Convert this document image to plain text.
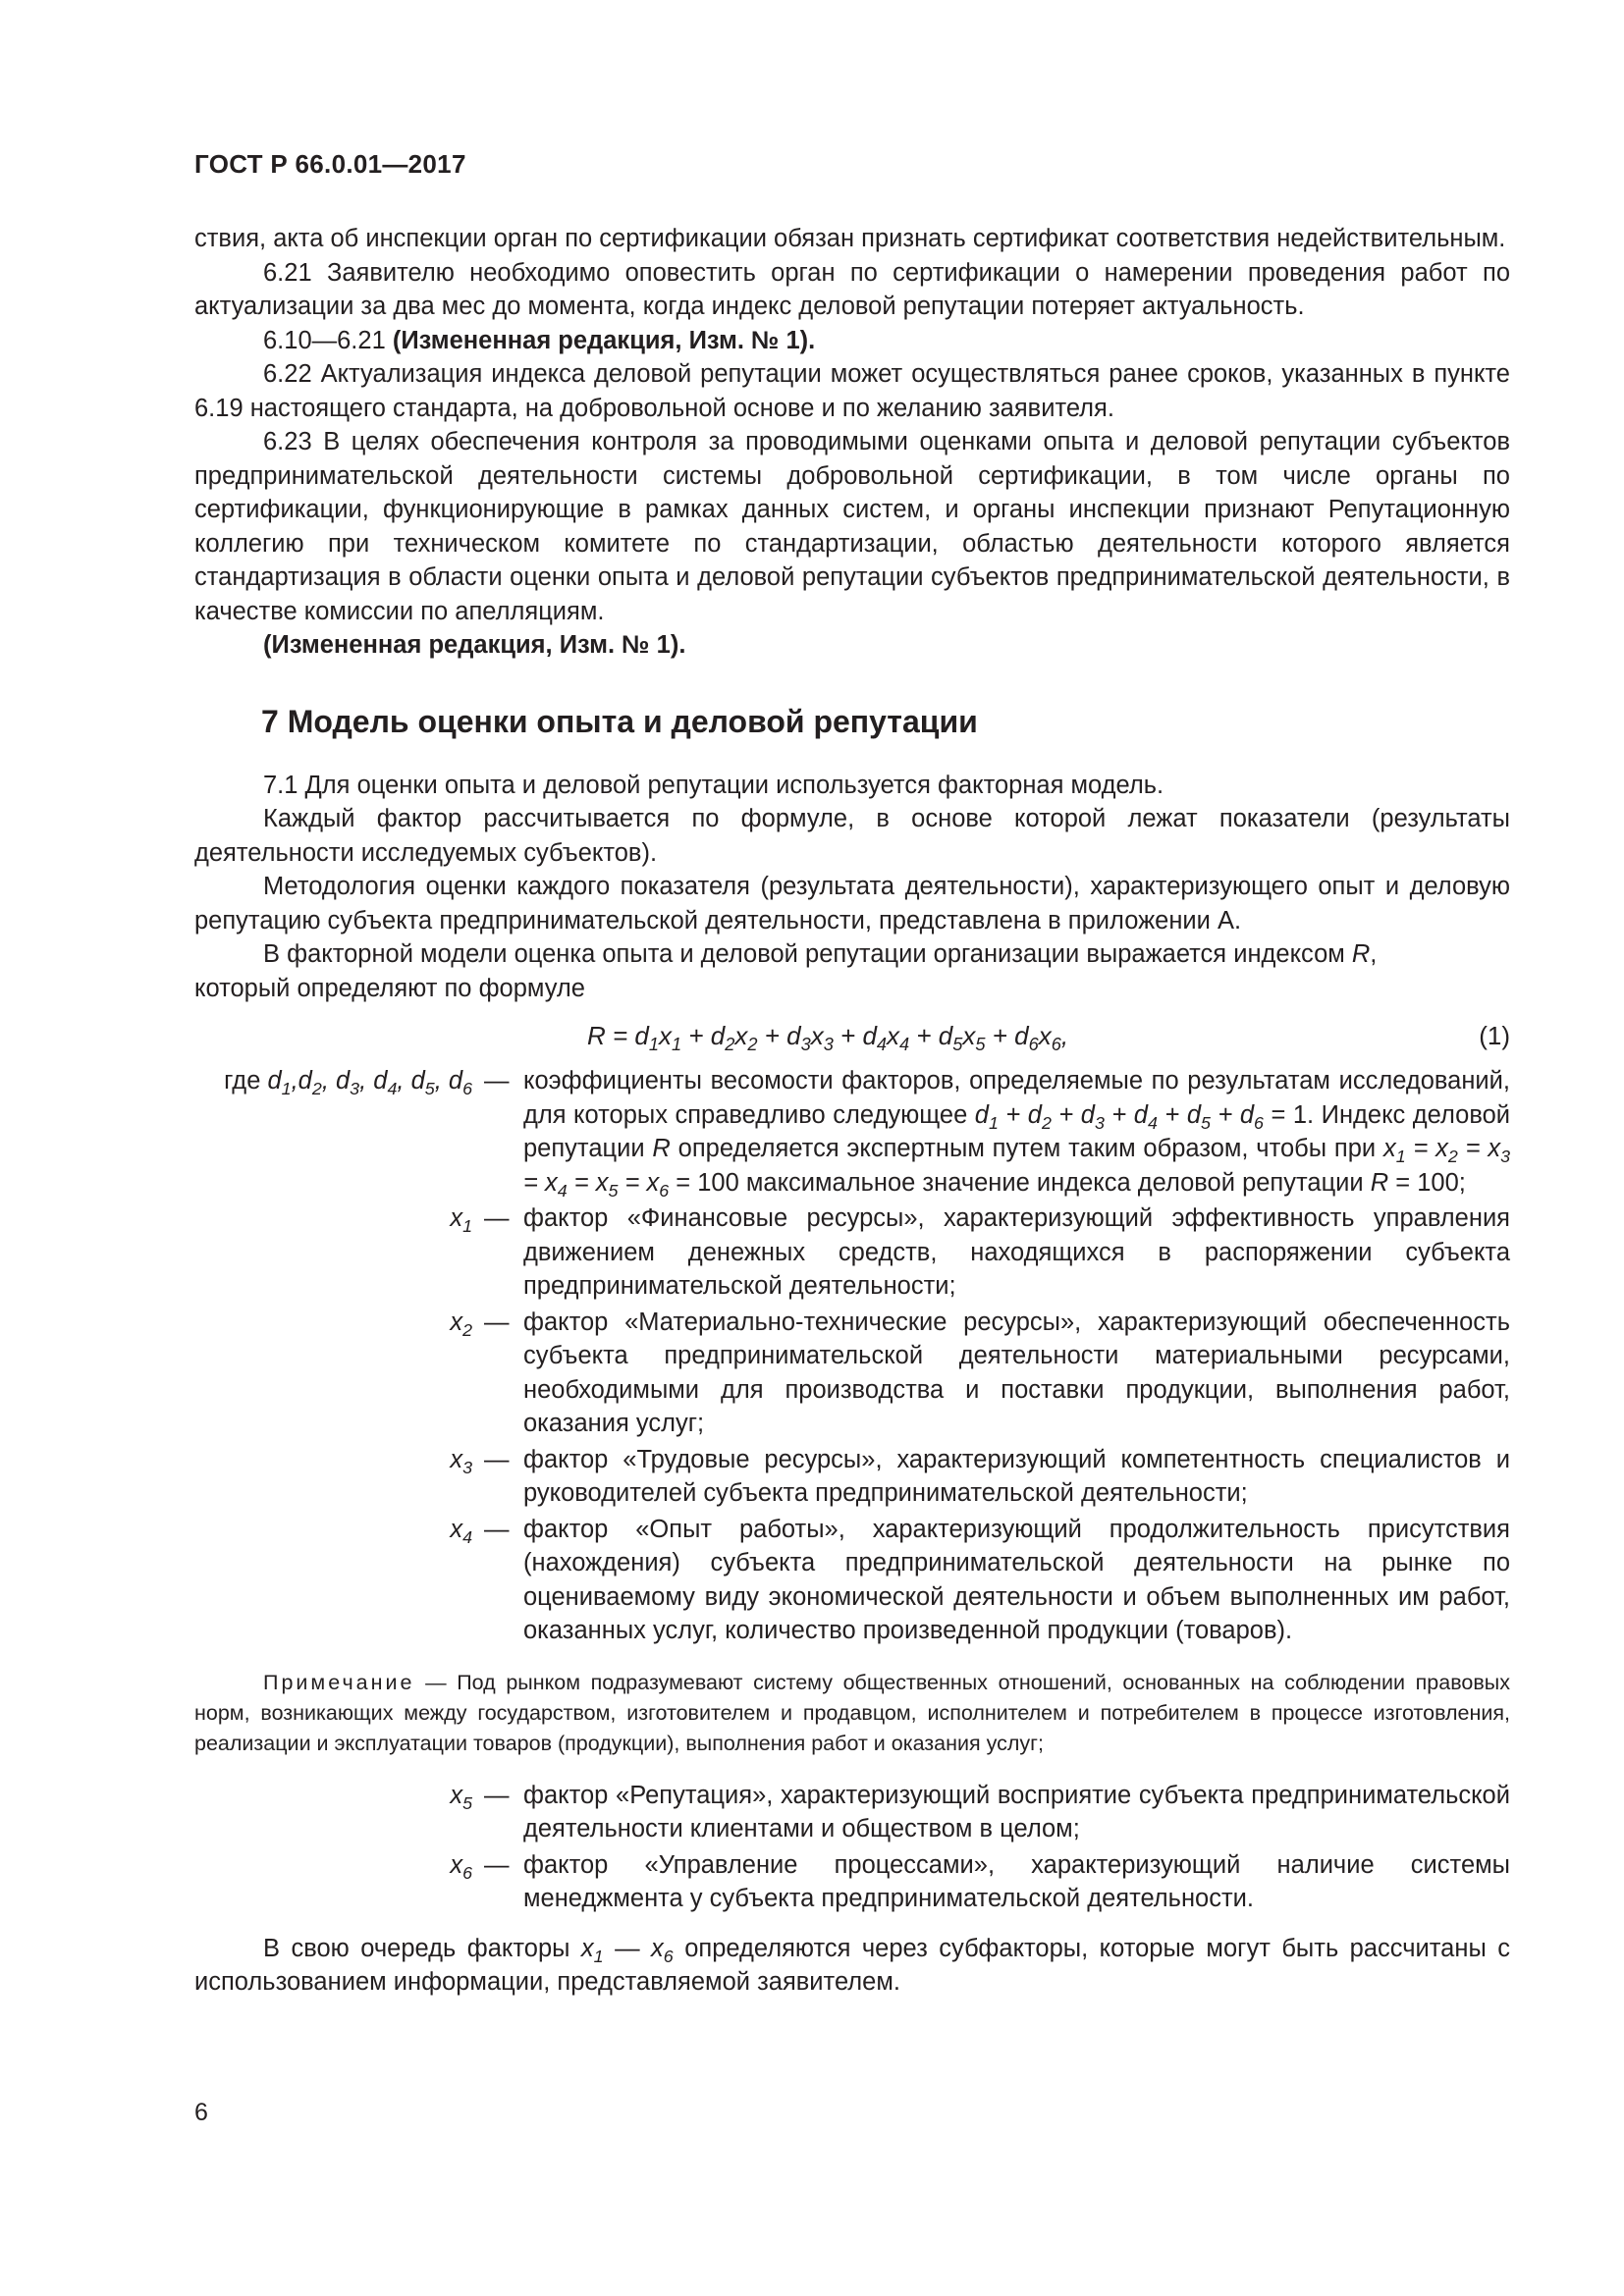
ГОСТ Р 66.0.01—2017

ствия, акта об инспекции орган по сертификации обязан признать сертификат соответствия недействительным.

6.21 Заявителю необходимо оповестить орган по сертификации о намерении проведения работ по актуализации за два мес до момента, когда индекс деловой репутации потеряет актуальность.

6.10—6.21 (Измененная редакция, Изм. № 1).

6.22 Актуализация индекса деловой репутации может осуществляться ранее сроков, указанных в пункте 6.19 настоящего стандарта, на добровольной основе и по желанию заявителя.

6.23 В целях обеспечения контроля за проводимыми оценками опыта и деловой репутации субъектов предпринимательской деятельности системы добровольной сертификации, в том числе органы по сертификации, функционирующие в рамках данных систем, и органы инспекции признают Репутационную коллегию при техническом комитете по стандартизации, областью деятельности которого является стандартизация в области оценки опыта и деловой репутации субъектов предпринимательской деятельности, в качестве комиссии по апелляциям.

(Измененная редакция, Изм. № 1).

7 Модель оценки опыта и деловой репутации

7.1 Для оценки опыта и деловой репутации используется факторная модель.

Каждый фактор рассчитывается по формуле, в основе которой лежат показатели (результаты деятельности исследуемых субъектов).

Методология оценки каждого показателя (результата деятельности), характеризующего опыт и деловую репутацию субъекта предпринимательской деятельности, представлена в приложении А.

В факторной модели оценка опыта и деловой репутации организации выражается индексом R,

который определяют по формуле

$R = d_1x_1 + d_2x_2 + d_3x_3 + d_4x_4 + d_5x_5 + d_6x_6$,	(1)
где $d_1,d_2$, $d_3$, $d_4$, $d_5$, $d_6$ — коэффициенты весомости факторов, определяемые по результатам исследований, для которых справедливо следующее $d_1 + d_2 + d_3 + d_4 + d_5 + d_6 = 1$. Индекс деловой репутации R определяется экспертным путем таким образом, чтобы при $x_1 = x_2 = x_3 = x_4 = x_5 = x_6 = 100$ максимальное значение индекса деловой репутации R = 100;
$x_1$ — фактор «Финансовые ресурсы», характеризующий эффективность управления движением денежных средств, находящихся в распоряжении субъекта предпринимательской деятельности;
$x_2$ — фактор «Материально-технические ресурсы», характеризующий обеспеченность субъекта предпринимательской деятельности материальными ресурсами, необходимыми для производства и поставки продукции, выполнения работ, оказания услуг;
$x_3$ — фактор «Трудовые ресурсы», характеризующий компетентность специалистов и руководителей субъекта предпринимательской деятельности;
$x_4$ — фактор «Опыт работы», характеризующий продолжительность присутствия (нахождения) субъекта предпринимательской деятельности на рынке по оцениваемому виду экономической деятельности и объем выполненных им работ, оказанных услуг, количество произведенной продукции (товаров).

Примечание — Под рынком подразумевают систему общественных отношений, основанных на соблюдении правовых норм, возникающих между государством, изготовителем и продавцом, исполнителем и потребителем в процессе изготовления, реализации и эксплуатации товаров (продукции), выполнения работ и оказания услуг;

$x_5$ — фактор «Репутация», характеризующий восприятие субъекта предпринимательской деятельности клиентами и обществом в целом;
$x_6$ — фактор «Управление процессами», характеризующий наличие системы менеджмента у субъекта предпринимательской деятельности.

В свою очередь факторы $x_1$ — $x_6$ определяются через субфакторы, которые могут быть рассчитаны с использованием информации, представляемой заявителем.

6
